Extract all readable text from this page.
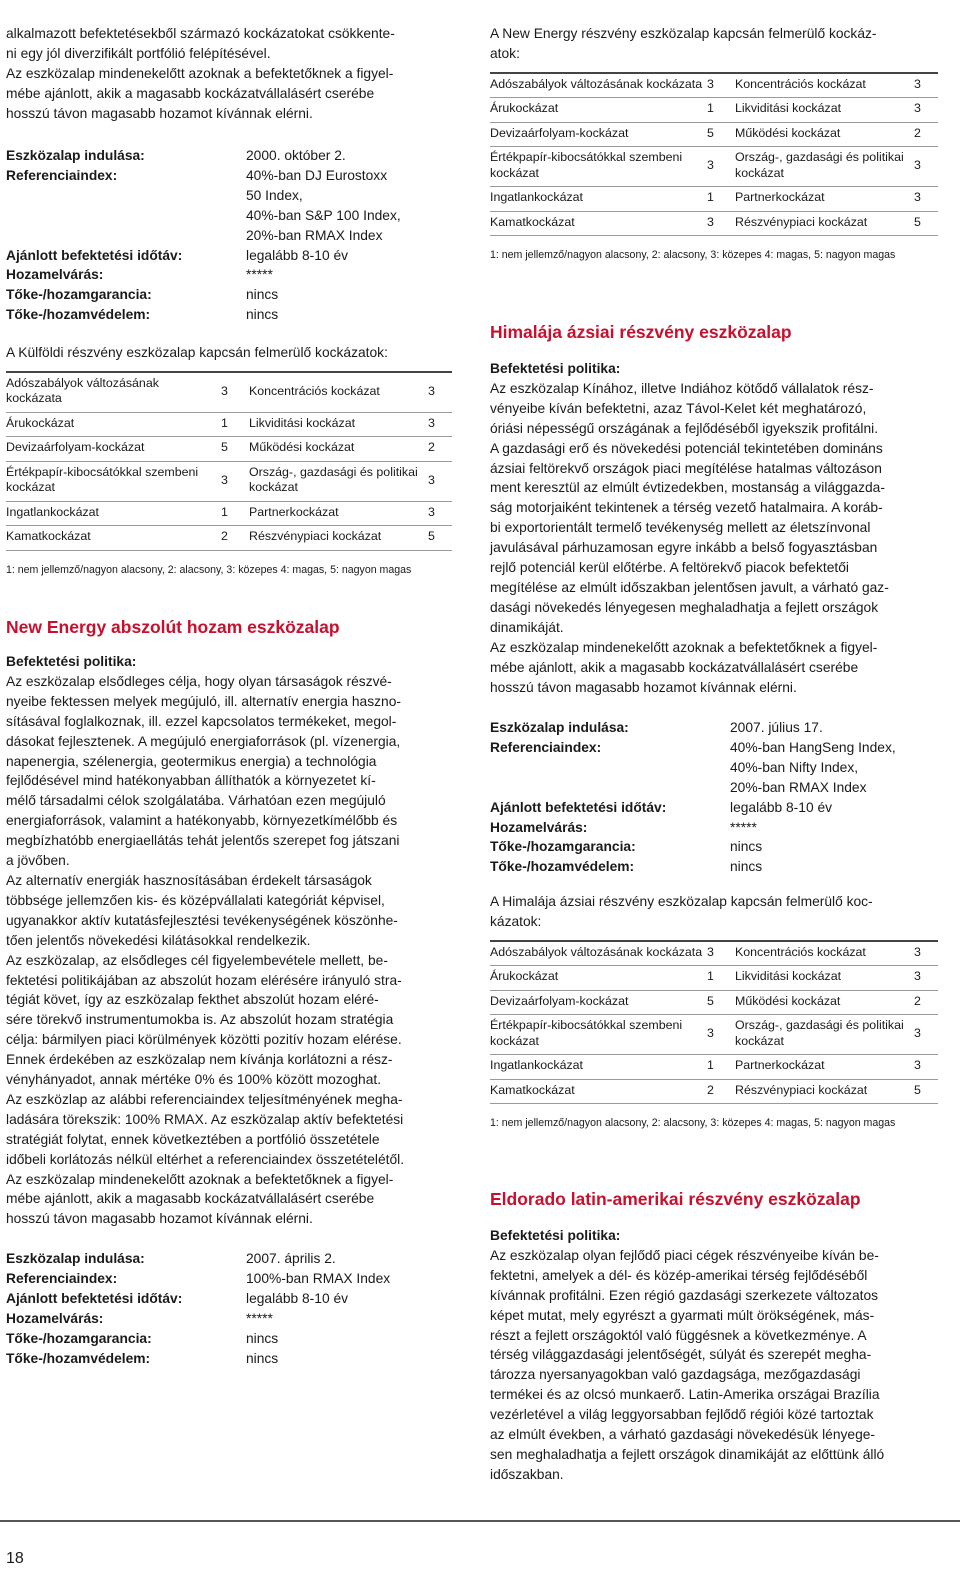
alkalmazott befektetésekből származó kockázatokat csökkente-
ni egy jól diverzifikált portfólió felépítésével.
Az eszközalap mindenekelőtt azoknak a befektetőknek a figyel-
mébe ajánlott, akik a magasabb kockázatvállalásért cserébe
hosszú távon magasabb hozamot kívánnak elérni.
Eszközalap indulása:	2000. október 2.
Referenciaindex:	40%-ban DJ Eurostoxx
50 Index,
40%-ban S&P 100 Index,
20%-ban RMAX Index
Ajánlott befektetési időtáv:	legalább 8-10 év
Hozamelvárás:	*****
Tőke-/hozamgarancia:	nincs
Tőke-/hozamvédelem:	nincs

A Külföldi részvény eszközalap kapcsán felmerülő kockázatok:

Adószabályok változásának kockázata	3	Koncentrációs kockázat	3
Árukockázat	1	Likviditási kockázat	3
Devizaárfolyam-kockázat	5	Működési kockázat	2
Értékpapír-kibocsátókkal szembeni kockázat	3	Ország-, gazdasági és politikai kockázat	3
Ingatlankockázat	1	Partnerkockázat	3
Kamatkockázat	2	Részvénypiaci kockázat	5

1: nem jellemző/nagyon alacsony, 2: alacsony, 3: közepes 4: magas, 5: nagyon magas

New Energy abszolút hozam eszközalap

Befektetési politika:

Az eszközalap elsődleges célja, hogy olyan társaságok részvé-
nyeibe fektessen melyek megújuló, ill. alternatív energia haszno-
sításával foglalkoznak, ill. ezzel kapcsolatos termékeket, megol-
dásokat fejlesztenek. A megújuló energiaforrások (pl. vízenergia,
napenergia, szélenergia, geotermikus energia) a technológia
fejlődésével mind hatékonyabban állíthatók a környezetet kí-
mélő társadalmi célok szolgálatába. Várhatóan ezen megújuló
energiaforrások, valamint a hatékonyabb, környezetkímélőbb és
megbízhatóbb energiaellátás tehát jelentős szerepet fog játszani
a jövőben.
Az alternatív energiák hasznosításában érdekelt társaságok
többsége jellemzően kis- és középvállalati kategóriát képvisel,
ugyanakkor aktív kutatásfejlesztési tevékenységének köszönhe-
tően jelentős növekedési kilátásokkal rendelkezik.
Az eszközalap, az elsődleges cél figyelembevétele mellett, be-
fektetési politikájában az abszolút hozam elérésére irányuló stra-
tégiát követ, így az eszközalap fekthet abszolút hozam eléré-
sére törekvő instrumentumokba is. Az abszolút hozam stratégia
célja: bármilyen piaci körülmények közötti pozitív hozam elérése.
Ennek érdekében az eszközalap nem kívánja korlátozni a rész-
vényhányadot, annak mértéke 0% és 100% között mozoghat.
Az eszközlap az alábbi referenciaindex teljesítményének megha-
ladására törekszik: 100% RMAX. Az eszközalap aktív befektetési
stratégiát folytat, ennek következtében a portfólió összetétele
időbeli korlátozás nélkül eltérhet a referenciaindex összetételétől.
Az eszközalap mindenekelőtt azoknak a befektetőknek a figyel-
mébe ajánlott, akik a magasabb kockázatvállalásért cserébe
hosszú távon magasabb hozamot kívánnak elérni.
Eszközalap indulása:	2007. április 2.
Referenciaindex:	100%-ban RMAX Index
Ajánlott befektetési időtáv:	legalább 8-10 év
Hozamelvárás:	*****
Tőke-/hozamgarancia:	nincs
Tőke-/hozamvédelem:	nincs
A New Energy részvény eszközalap kapcsán felmerülő kockáz-
atok:
Adószabályok változásának kockázata	3	Koncentrációs kockázat	3
Árukockázat	1	Likviditási kockázat	3
Devizaárfolyam-kockázat	5	Működési kockázat	2
Értékpapír-kibocsátókkal szembeni kockázat	3	Ország-, gazdasági és politikai kockázat	3
Ingatlankockázat	1	Partnerkockázat	3
Kamatkockázat	3	Részvénypiaci kockázat	5

1: nem jellemző/nagyon alacsony, 2: alacsony, 3: közepes 4: magas, 5: nagyon magas

Himalája ázsiai részvény eszközalap

Befektetési politika:

Az eszközalap Kínához, illetve Indiához kötődő vállalatok rész-
vényeibe kíván befektetni, azaz Távol-Kelet két meghatározó,
óriási népességű országának a fejlődéséből igyekszik profitálni.
A gazdasági erő és növekedési potenciál tekintetében domináns
ázsiai feltörekvő országok piaci megítélése hatalmas változáson
ment keresztül az elmúlt évtizedekben, mostanság a világgazda-
ság motorjaiként tekintenek a térség vezető hatalmaira. A koráb-
bi exportorientált termelő tevékenység mellett az életszínvonal
javulásával párhuzamosan egyre inkább a belső fogyasztásban
rejlő potenciál kerül előtérbe. A feltörekvő piacok befektetői
megítélése az elmúlt időszakban jelentősen javult, a várható gaz-
dasági növekedés lényegesen meghaladhatja a fejlett országok
dinamikáját.
Az eszközalap mindenekelőtt azoknak a befektetőknek a figyel-
mébe ajánlott, akik a magasabb kockázatvállalásért cserébe
hosszú távon magasabb hozamot kívánnak elérni.
Eszközalap indulása:	2007. július 17.
Referenciaindex:	40%-ban HangSeng Index,
40%-ban Nifty Index,
20%-ban RMAX Index
Ajánlott befektetési időtáv:	legalább 8-10 év
Hozamelvárás:	*****
Tőke-/hozamgarancia:	nincs
Tőke-/hozamvédelem:	nincs
A Himalája ázsiai részvény eszközalap kapcsán felmerülő koc-
kázatok:
Adószabályok változásának kockázata	3	Koncentrációs kockázat	3
Árukockázat	1	Likviditási kockázat	3
Devizaárfolyam-kockázat	5	Működési kockázat	2
Értékpapír-kibocsátókkal szembeni kockázat	3	Ország-, gazdasági és politikai kockázat	3
Ingatlankockázat	1	Partnerkockázat	3
Kamatkockázat	2	Részvénypiaci kockázat	5

1: nem jellemző/nagyon alacsony, 2: alacsony, 3: közepes 4: magas, 5: nagyon magas

Eldorado latin-amerikai részvény eszközalap

Befektetési politika:

Az eszközalap olyan fejlődő piaci cégek részvényeibe kíván be-
fektetni, amelyek a dél- és közép-amerikai térség fejlődéséből
kívánnak profitálni. Ezen régió gazdasági szerkezete változatos
képet mutat, mely egyrészt a gyarmati múlt örökségének, más-
részt a fejlett országoktól való függésnek a következménye. A
térség világgazdasági jelentőségét, súlyát és szerepét megha-
tározza nyersanyagokban való gazdagsága, mezőgazdasági
termékei és az olcsó munkaerő. Latin-Amerika országai Brazília
vezérletével a világ leggyorsabban fejlődő régiói közé tartoztak
az elmúlt években, a várható gazdasági növekedésük lényege-
sen meghaladhatja a fejlett országok dinamikáját az előttünk álló
időszakban.
18
